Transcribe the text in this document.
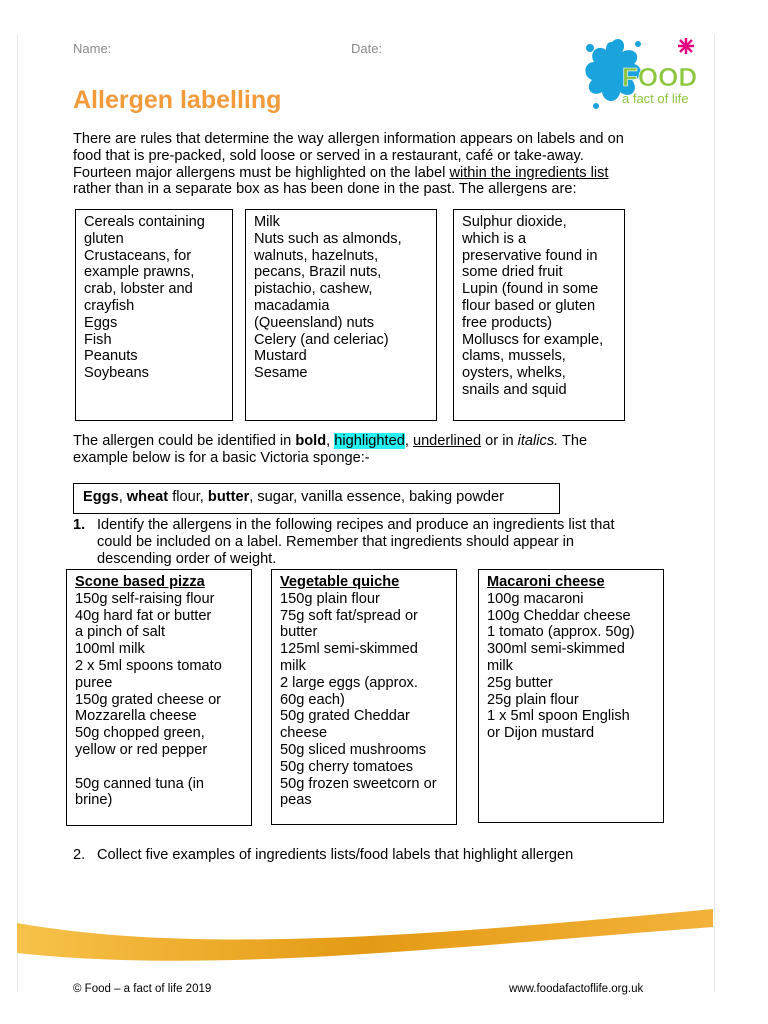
Name:	Date:
FOOD
a fact of life
Allergen labelling
There are rules that determine the way allergen information appears on labels and on
food that is pre-packed, sold loose or served in a restaurant, café or take-away.
Fourteen major allergens must be highlighted on the label within the ingredients list
rather than in a separate box as has been done in the past. The allergens are:
Cereals containing
gluten
Crustaceans, for
example prawns,
crab, lobster and
crayfish
Eggs
Fish
Peanuts
Soybeans
Milk
Nuts such as almonds,
walnuts, hazelnuts,
pecans, Brazil nuts,
pistachio, cashew,
macadamia
(Queensland) nuts
Celery (and celeriac)
Mustard
Sesame
Sulphur dioxide,
which is a
preservative found in
some dried fruit
Lupin (found in some
flour based or gluten
free products)
Molluscs for example,
clams, mussels,
oysters, whelks,
snails and squid
The allergen could be identified in bold, highlighted, underlined or in italics. The
example below is for a basic Victoria sponge:-
Eggs, wheat flour, butter, sugar, vanilla essence, baking powder
1. Identify the allergens in the following recipes and produce an ingredients list that
could be included on a label. Remember that ingredients should appear in
descending order of weight.
Scone based pizza
150g self-raising flour
40g hard fat or butter
a pinch of salt
100ml milk
2 x 5ml spoons tomato
puree
150g grated cheese or
Mozzarella cheese
50g chopped green,
yellow or red pepper
50g canned tuna (in
brine)
Vegetable quiche
150g plain flour
75g soft fat/spread or
butter
125ml semi-skimmed
milk
2 large eggs (approx.
60g each)
50g grated Cheddar
cheese
50g sliced mushrooms
50g cherry tomatoes
50g frozen sweetcorn or
peas
Macaroni cheese
100g macaroni
100g Cheddar cheese
1 tomato (approx. 50g)
300ml semi-skimmed
milk
25g butter
25g plain flour
1 x 5ml spoon English
or Dijon mustard
2. Collect five examples of ingredients lists/food labels that highlight allergen
© Food – a fact of life 2019	www.foodafactoflife.org.uk
